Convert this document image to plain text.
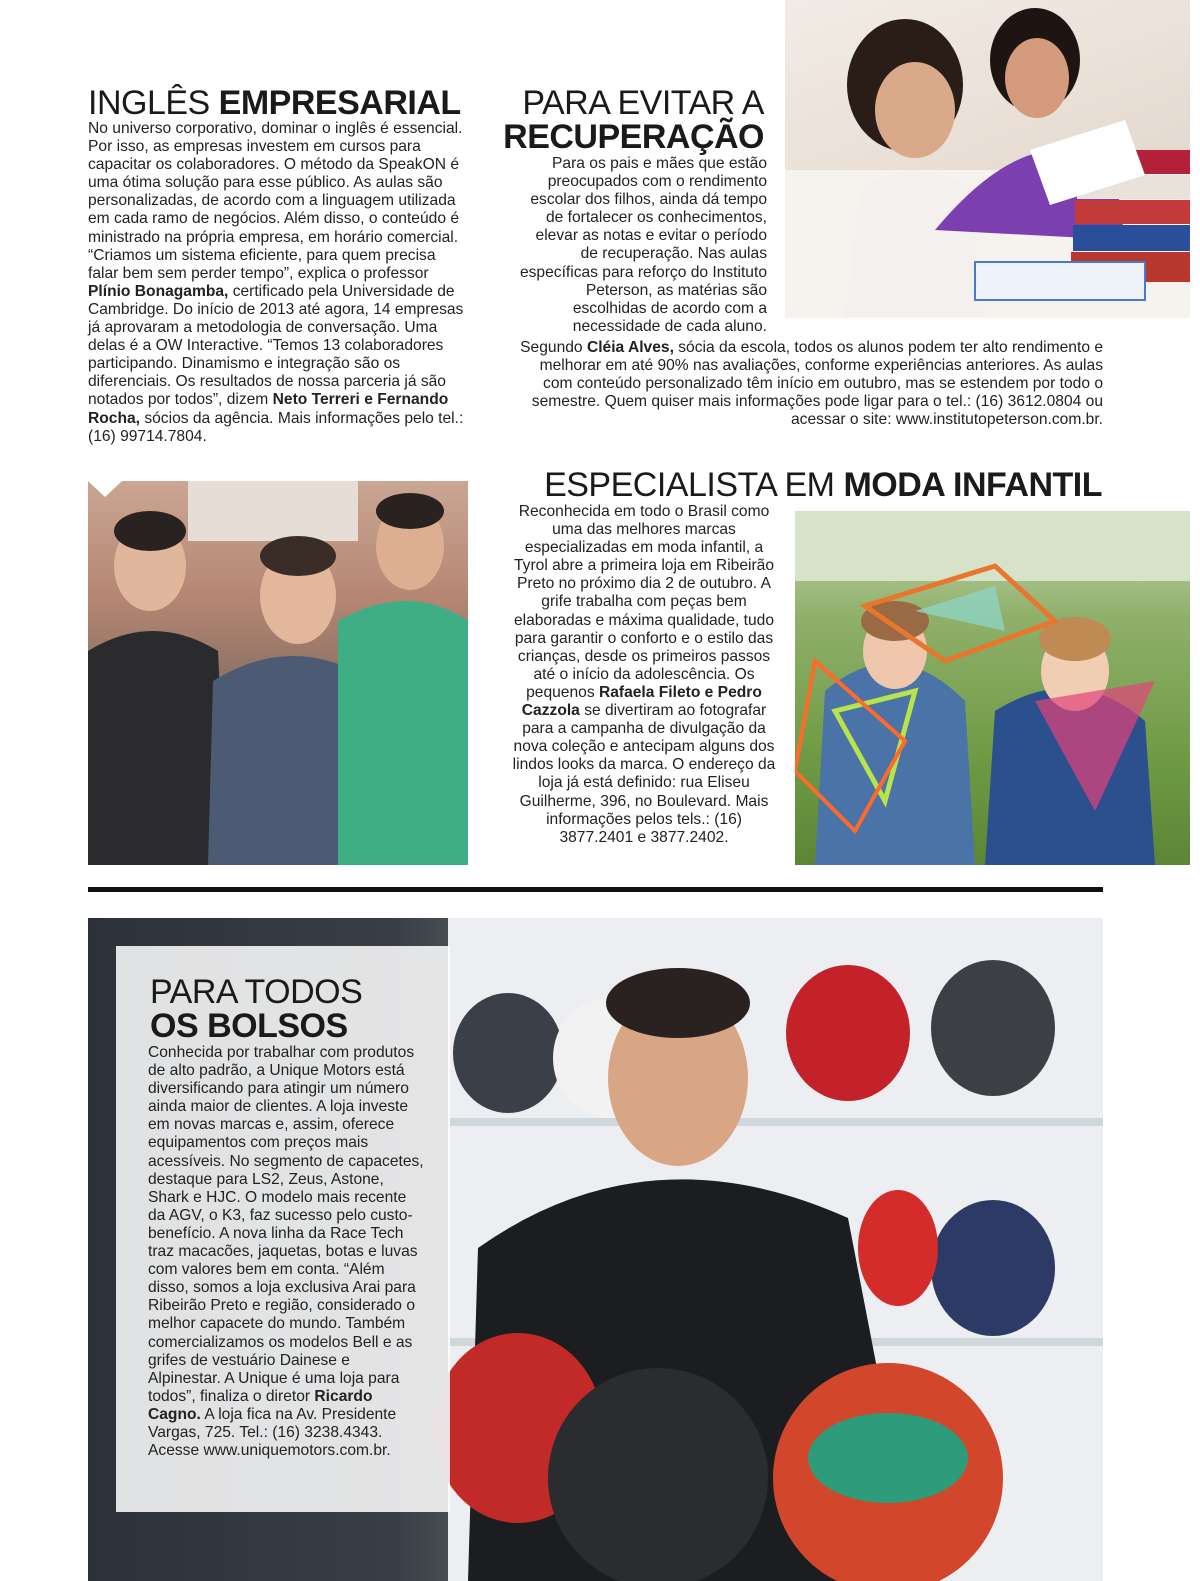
INGLÊS EMPRESARIAL

No universo corporativo, dominar o inglês é essencial. Por isso, as empresas investem em cursos para capacitar os colaboradores. O método da SpeakON é uma ótima solução para esse público. As aulas são personalizadas, de acordo com a linguagem utilizada em cada ramo de negócios. Além disso, o conteúdo é ministrado na própria empresa, em horário comercial. “Criamos um sistema eficiente, para quem precisa falar bem sem perder tempo”, explica o professor Plínio Bonagamba, certificado pela Universidade de Cambridge. Do início de 2013 até agora, 14 empresas já aprovaram a metodologia de conversação. Uma delas é a OW Interactive. “Temos 13 colaboradores participando. Dinamismo e integração são os diferenciais. Os resultados de nossa parceria já são notados por todos”, dizem Neto Terreri e Fernando Rocha, sócios da agência. Mais informações pelo tel.: (16) 99714.7804.

PARA EVITAR A
RECUPERAÇÃO

Para os pais e mães que estão preocupados com o rendimento escolar dos filhos, ainda dá tempo de fortalecer os conhecimentos, elevar as notas e evitar o período de recuperação. Nas aulas específicas para reforço do Instituto Peterson, as matérias são escolhidas de acordo com a necessidade de cada aluno.

Segundo Cléia Alves, sócia da escola, todos os alunos podem ter alto rendimento e melhorar em até 90% nas avaliações, conforme experiências anteriores. As aulas com conteúdo personalizado têm início em outubro, mas se estendem por todo o semestre. Quem quiser mais informações pode ligar para o tel.: (16) 3612.0804 ou acessar o site: www.institutopeterson.com.br.

ESPECIALISTA EM MODA INFANTIL

Reconhecida em todo o Brasil como uma das melhores marcas especializadas em moda infantil, a Tyrol abre a primeira loja em Ribeirão Preto no próximo dia 2 de outubro. A grife trabalha com peças bem elaboradas e máxima qualidade, tudo para garantir o conforto e o estilo das crianças, desde os primeiros passos até o início da adolescência. Os pequenos Rafaela Fileto e Pedro Cazzola se divertiram ao fotografar para a campanha de divulgação da nova coleção e antecipam alguns dos lindos looks da marca. O endereço da loja já está definido: rua Eliseu Guilherme, 396, no Boulevard. Mais informações pelos tels.: (16) 3877.2401 e 3877.2402.

PARA TODOS
OS BOLSOS

Conhecida por trabalhar com produtos de alto padrão, a Unique Motors está diversificando para atingir um número ainda maior de clientes. A loja investe em novas marcas e, assim, oferece equipamentos com preços mais acessíveis. No segmento de capacetes, destaque para LS2, Zeus, Astone, Shark e HJC. O modelo mais recente da AGV, o K3, faz sucesso pelo custo-benefício. A nova linha da Race Tech traz macacões, jaquetas, botas e luvas com valores bem em conta. “Além disso, somos a loja exclusiva Arai para Ribeirão Preto e região, considerado o melhor capacete do mundo. Também comercializamos os modelos Bell e as grifes de vestuário Dainese e Alpinestar. A Unique é uma loja para todos”, finaliza o diretor Ricardo Cagno. A loja fica na Av. Presidente Vargas, 725. Tel.: (16) 3238.4343. Acesse www.uniquemotors.com.br.
